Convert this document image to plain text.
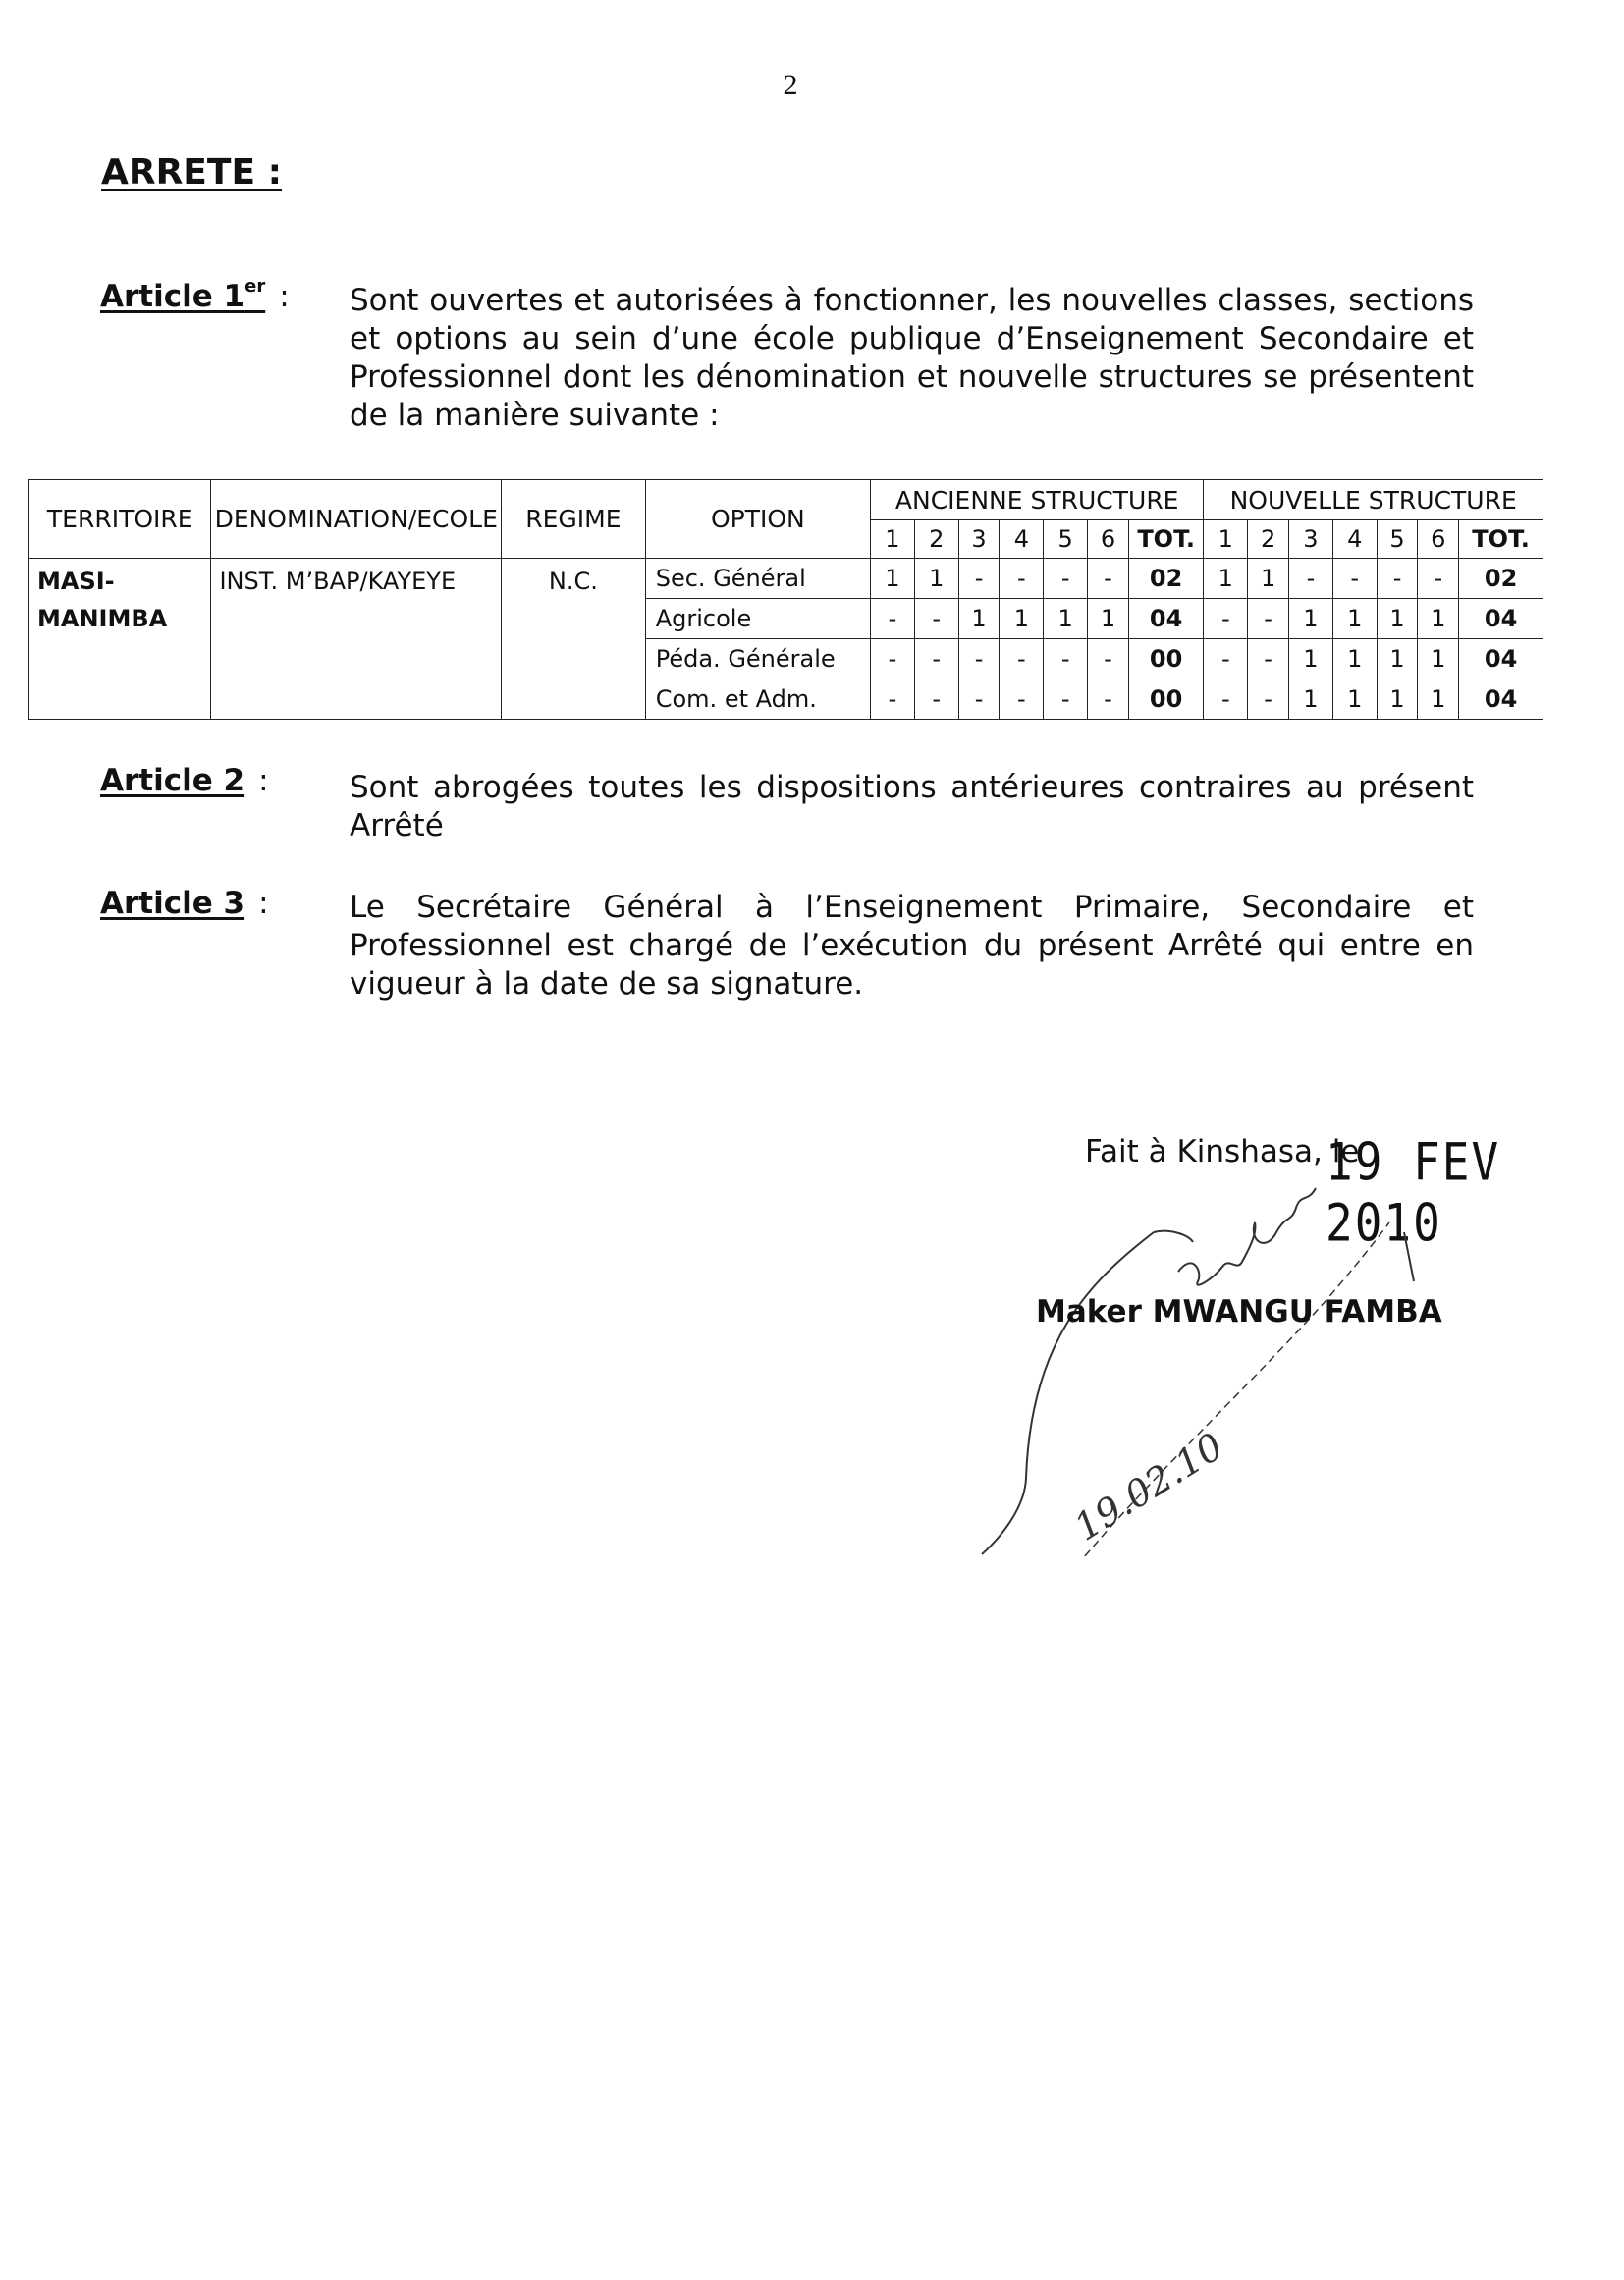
2
ARRETE :
Article 1er : Sont ouvertes et autorisées à fonctionner, les nouvelles classes, sections et options au sein d’une école publique d’Enseignement Secondaire et Professionnel dont les dénomination et nouvelle structures se présentent de la manière suivante :
TERRITOIRE	DENOMINATION/ECOLE	REGIME	OPTION	ANCIENNE STRUCTURE							NOUVELLE STRUCTURE						
				1	2	3	4	5	6	TOT.	1	2	3	4	5	6	TOT.

MASI-
MANIMBA	INST. M’BAP/KAYEYE	N.C.	Sec. Général	1	1	-	-	-	-	02	1	1	-	-	-	-	02
			Agricole	-	-	1	1	1	1	04	-	-	1	1	1	1	04
			Péda. Générale	-	-	-	-	-	-	00	-	-	1	1	1	1	04
			Com. et Adm.	-	-	-	-	-	-	00	-	-	1	1	1	1	04
Article 2 :	Sont abrogées toutes les dispositions antérieures contraires au présent Arrêté
Article 3 :	Le Secrétaire Général à l’Enseignement Primaire, Secondaire et Professionnel est chargé de l’exécution du présent Arrêté qui entre en vigueur à la date de sa signature.
Fait à Kinshasa, le
19 FEV 2010
19.02.10
Maker MWANGU FAMBA
